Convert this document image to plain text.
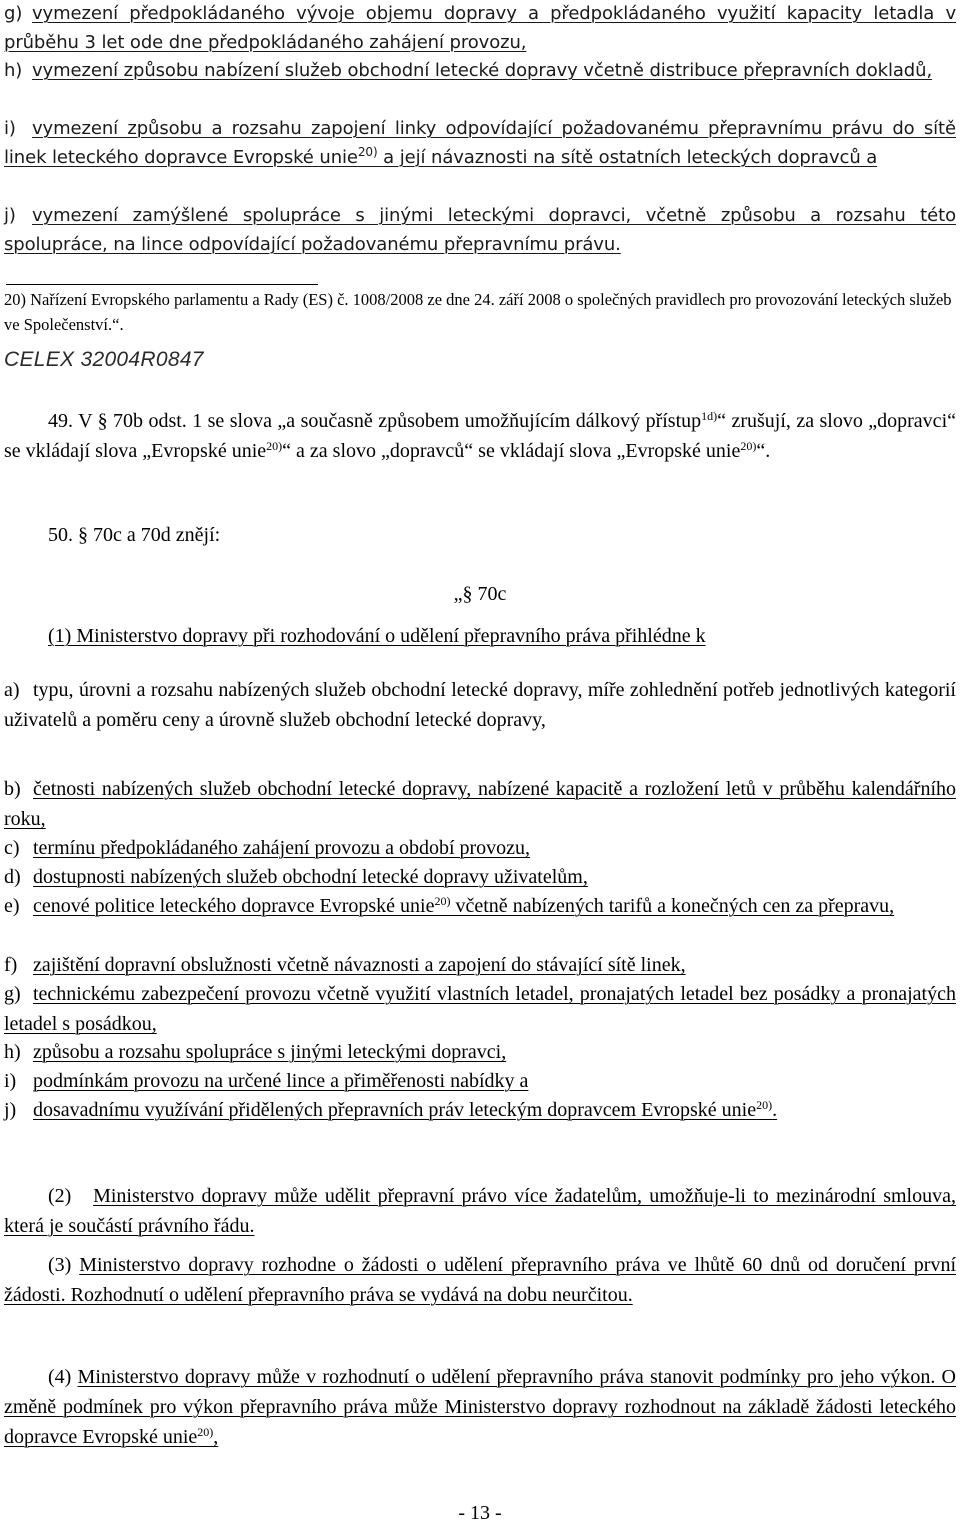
g) vymezení předpokládaného vývoje objemu dopravy a předpokládaného využití kapacity letadla v průběhu 3 let ode dne předpokládaného zahájení provozu,
h) vymezení způsobu nabízení služeb obchodní letecké dopravy včetně distribuce přepravních dokladů,
i) vymezení způsobu a rozsahu zapojení linky odpovídající požadovanému přepravnímu právu do sítě linek leteckého dopravce Evropské unie$^{20)}$ a její návaznosti na sítě ostatních leteckých dopravců a
j) vymezení zamýšlené spolupráce s jinými leteckými dopravci, včetně způsobu a rozsahu této spolupráce, na lince odpovídající požadovanému přepravnímu právu.
20) Nařízení Evropského parlamentu a Rady (ES) č. 1008/2008 ze dne 24. září 2008 o společných pravidlech pro provozování leteckých služeb ve Společenství.“.
CELEX 32004R0847
49. V § 70b odst. 1 se slova „a současně způsobem umožňujícím dálkový přístup$^{1d)}$“ zrušují, za slovo „dopravci“ se vkládají slova „Evropské unie$^{20)}$“ a za slovo „dopravců“ se vkládají slova „Evropské unie$^{20)}$“.
50. § 70c a 70d znějí:
„§ 70c
(1) Ministerstvo dopravy při rozhodování o udělení přepravního práva přihlédne k
a) typu, úrovni a rozsahu nabízených služeb obchodní letecké dopravy, míře zohlednění potřeb jednotlivých kategorií uživatelů a poměru ceny a úrovně služeb obchodní letecké dopravy,
b) četnosti nabízených služeb obchodní letecké dopravy, nabízené kapacitě a rozložení letů v průběhu kalendářního roku,
c) termínu předpokládaného zahájení provozu a období provozu,
d) dostupnosti nabízených služeb obchodní letecké dopravy uživatelům,
e) cenové politice leteckého dopravce Evropské unie$^{20)}$ včetně nabízených tarifů a konečných cen za přepravu,
f) zajištění dopravní obslužnosti včetně návaznosti a zapojení do stávající sítě linek,
g) technickému zabezpečení provozu včetně využití vlastních letadel, pronajatých letadel bez posádky a pronajatých letadel s posádkou,
h) způsobu a rozsahu spolupráce s jinými leteckými dopravci,
i) podmínkám provozu na určené lince a přiměřenosti nabídky a
j) dosavadnímu využívání přidělených přepravních práv leteckým dopravcem Evropské unie$^{20)}$.
(2) Ministerstvo dopravy může udělit přepravní právo více žadatelům, umožňuje-li to mezinárodní smlouva, která je součástí právního řádu.
(3) Ministerstvo dopravy rozhodne o žádosti o udělení přepravního práva ve lhůtě 60 dnů od doručení první žádosti. Rozhodnutí o udělení přepravního práva se vydává na dobu neurčitou.
(4) Ministerstvo dopravy může v rozhodnutí o udělení přepravního práva stanovit podmínky pro jeho výkon. O změně podmínek pro výkon přepravního práva může Ministerstvo dopravy rozhodnout na základě žádosti leteckého dopravce Evropské unie$^{20)}$,
- 13 -
